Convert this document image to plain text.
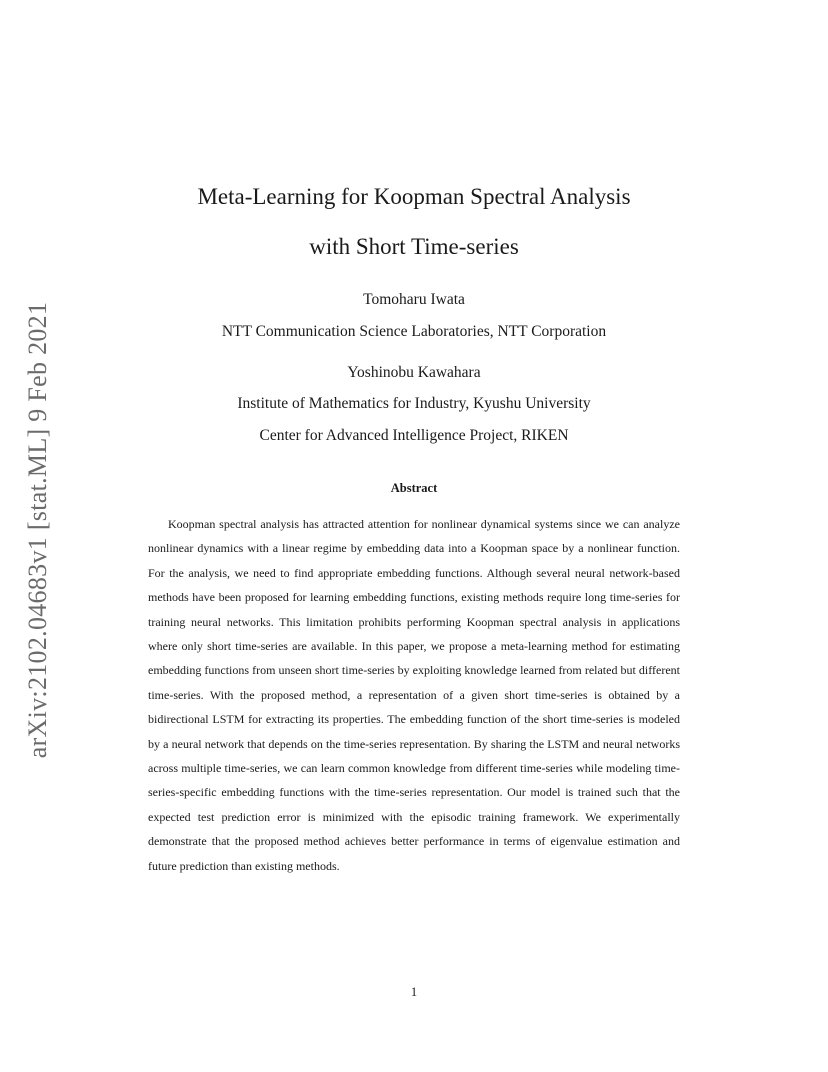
arXiv:2102.04683v1 [stat.ML] 9 Feb 2021
Meta-Learning for Koopman Spectral Analysis
with Short Time-series
Tomoharu Iwata
NTT Communication Science Laboratories, NTT Corporation
Yoshinobu Kawahara
Institute of Mathematics for Industry, Kyushu University
Center for Advanced Intelligence Project, RIKEN
Abstract

Koopman spectral analysis has attracted attention for nonlinear dynamical systems since we can analyze nonlinear dynamics with a linear regime by embedding data into a Koopman space by a nonlinear function. For the analysis, we need to find appropriate embedding functions. Although several neural network-based methods have been proposed for learning embedding functions, existing methods require long time-series for training neural networks. This limitation prohibits performing Koopman spectral analysis in applications where only short time-series are available. In this paper, we propose a meta-learning method for estimating embedding functions from unseen short time-series by exploiting knowledge learned from related but different time-series. With the proposed method, a representation of a given short time-series is obtained by a bidirectional LSTM for extracting its properties. The embedding function of the short time-series is modeled by a neural network that depends on the time-series representation. By sharing the LSTM and neural networks across multiple time-series, we can learn common knowledge from different time-series while modeling time-series-specific embedding functions with the time-series representation. Our model is trained such that the expected test prediction error is minimized with the episodic training framework. We experimentally demonstrate that the proposed method achieves better performance in terms of eigenvalue estimation and future prediction than existing methods.

1
